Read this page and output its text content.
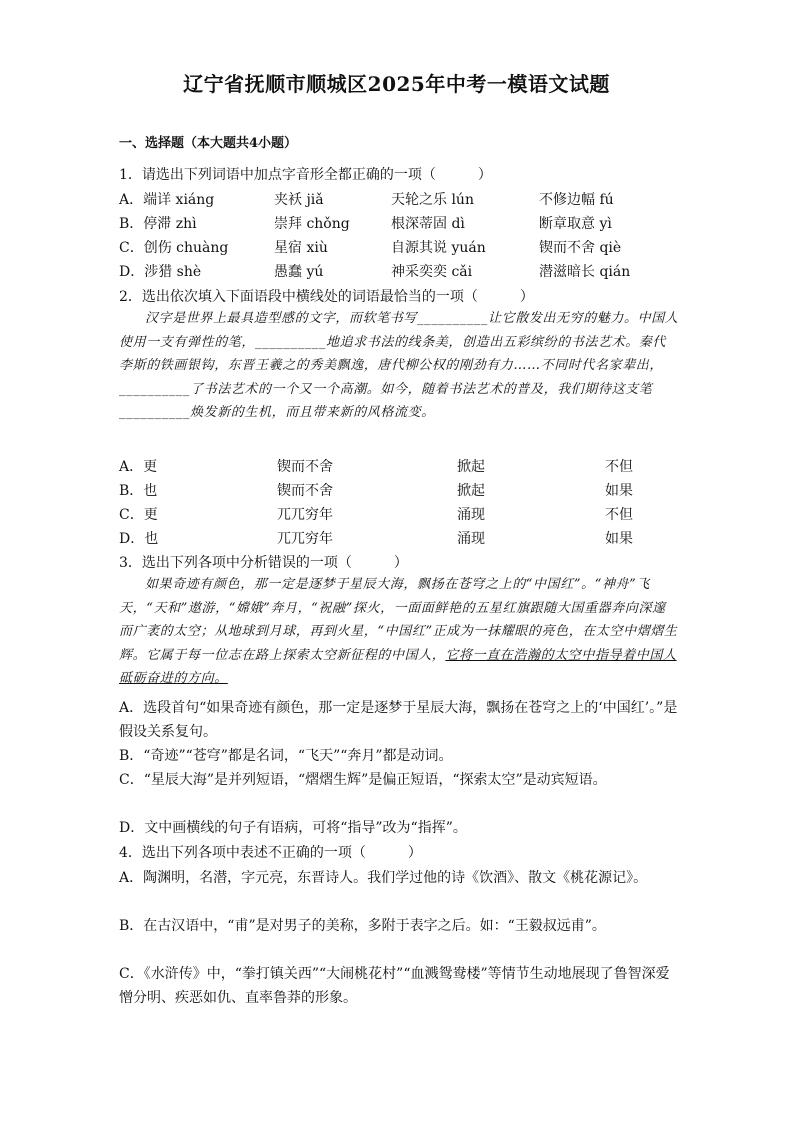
辽宁省抚顺市顺城区2025年中考一模语文试题
一、选择题（本大题共4小题）
1．请选出下列词语中加点字音形全都正确的一项（　　　）
A．端详 xiáng	夹袄 jiǎ	天轮之乐 lún	不修边幅 fú
B．停滞 zhì	崇拜 chǒng	根深蒂固 dì	断章取意 yì
C．创伤 chuàng	星宿 xiù	自源其说 yuán	锲而不舍 qiè
D．涉猎 shè	愚蠢 yú	神采奕奕 cǎi	潜滋暗长 qián
2．选出依次填入下面语段中横线处的词语最恰当的一项（　　　）
汉字是世界上最具造型感的文字，而软笔书写__________让它散发出无穷的魅力。中国人使用一支有弹性的笔，__________地追求书法的线条美，创造出五彩缤纷的书法艺术。秦代李斯的铁画银钩，东晋王羲之的秀美飘逸，唐代柳公权的刚劲有力……不同时代名家辈出，__________了书法艺术的一个又一个高潮。如今，随着书法艺术的普及，我们期待这支笔__________焕发新的生机，而且带来新的风格流变。
A．更	锲而不舍	掀起	不但
B．也	锲而不舍	掀起	如果
C．更	兀兀穷年	涌现	不但
D．也	兀兀穷年	涌现	如果
3．选出下列各项中分析错误的一项（　　　）
如果奇迹有颜色，那一定是逐梦于星辰大海，飘扬在苍穹之上的“中国红”。“神舟”飞天，“天和”遨游，“嫦娥”奔月，“祝融”探火，一面面鲜艳的五星红旗跟随大国重器奔向深邃而广袤的太空；从地球到月球，再到火星，“中国红”正成为一抹耀眼的亮色，在太空中熠熠生辉。它属于每一位志在路上探索太空新征程的中国人，它将一直在浩瀚的太空中指导着中国人砥砺奋进的方向。
A．选段首句“如果奇迹有颜色，那一定是逐梦于星辰大海，飘扬在苍穹之上的‘中国红’。”是假设关系复句。
B．“奇迹”“苍穹”都是名词，“飞天”“奔月”都是动词。
C．“星辰大海”是并列短语，“熠熠生辉”是偏正短语，“探索太空”是动宾短语。
D．文中画横线的句子有语病，可将“指导”改为“指挥”。
4．选出下列各项中表述不正确的一项（　　　）
A．陶渊明，名潜，字元亮，东晋诗人。我们学过他的诗《饮酒》、散文《桃花源记》。
B．在古汉语中，“甫”是对男子的美称，多附于表字之后。如：“王毅叔远甫”。
C．《水浒传》中，“拳打镇关西”“大闹桃花村”“血溅鸳鸯楼”等情节生动地展现了鲁智深爱憎分明、疾恶如仇、直率鲁莽的形象。
